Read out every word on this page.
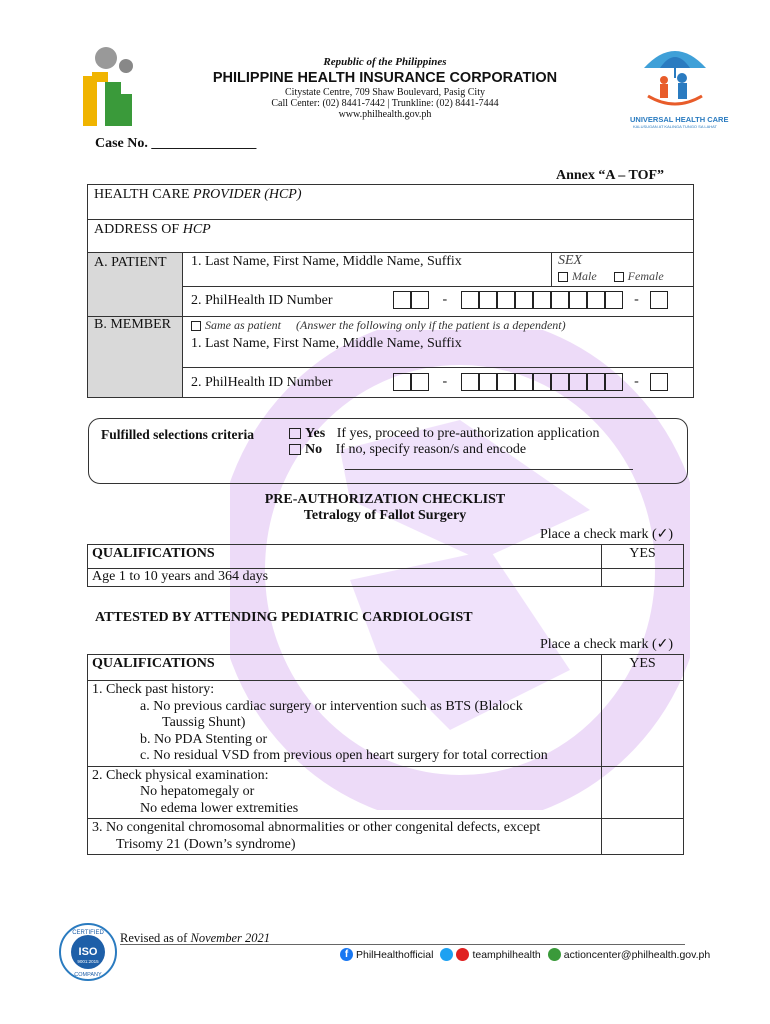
Republic of the Philippines
PHILIPPINE HEALTH INSURANCE CORPORATION
Citystate Centre, 709 Shaw Boulevard, Pasig City
Call Center: (02) 8441-7442 | Trunkline: (02) 8441-7444
www.philhealth.gov.ph	UNIVERSAL HEALTH CARE
KALUSUGAN AT KALINGA TUNGO SA LAHAT
Case No. _______________
Annex “A – TOF”
HEALTH CARE PROVIDER (HCP)
ADDRESS OF HCP
A. PATIENT 1. Last Name, First Name, Middle Name, Suffix	SEX
Male	Female
2. PhilHealth ID Number	-	-
B. MEMBER	Same as patient (Answer the following only if the patient is a dependent)
1. Last Name, First Name, Middle Name, Suffix
2. PhilHealth ID Number	-	-
Fulfilled selections criteria	Yes If yes, proceed to pre-authorization application
No If no, specify reason/s and encode
PRE-AUTHORIZATION CHECKLIST
Tetralogy of Fallot Surgery
Place a check mark (✓)
QUALIFICATIONS	YES
Age 1 to 10 years and 364 days	
ATTESTED BY ATTENDING PEDIATRIC CARDIOLOGIST
Place a check mark (✓)
QUALIFICATIONS	YES

1. Check past history:
a. No previous cardiac surgery or intervention such as BTS (Blalock
Taussig Shunt)
b. No PDA Stenting or
c. No residual VSD from previous open heart surgery for total correction	

2. Check physical examination:
No hepatomegaly or
No edema lower extremities	

3. No congenital chromosomal abnormalities or other congenital defects, except
Trisomy 21 (Down’s syndrome)	

CERTIFIED
ISO
9001:2015
COMPANY
Revised as of November 2021
f PhilHealthofficial	teamphilhealth actioncenter@philhealth.gov.ph
